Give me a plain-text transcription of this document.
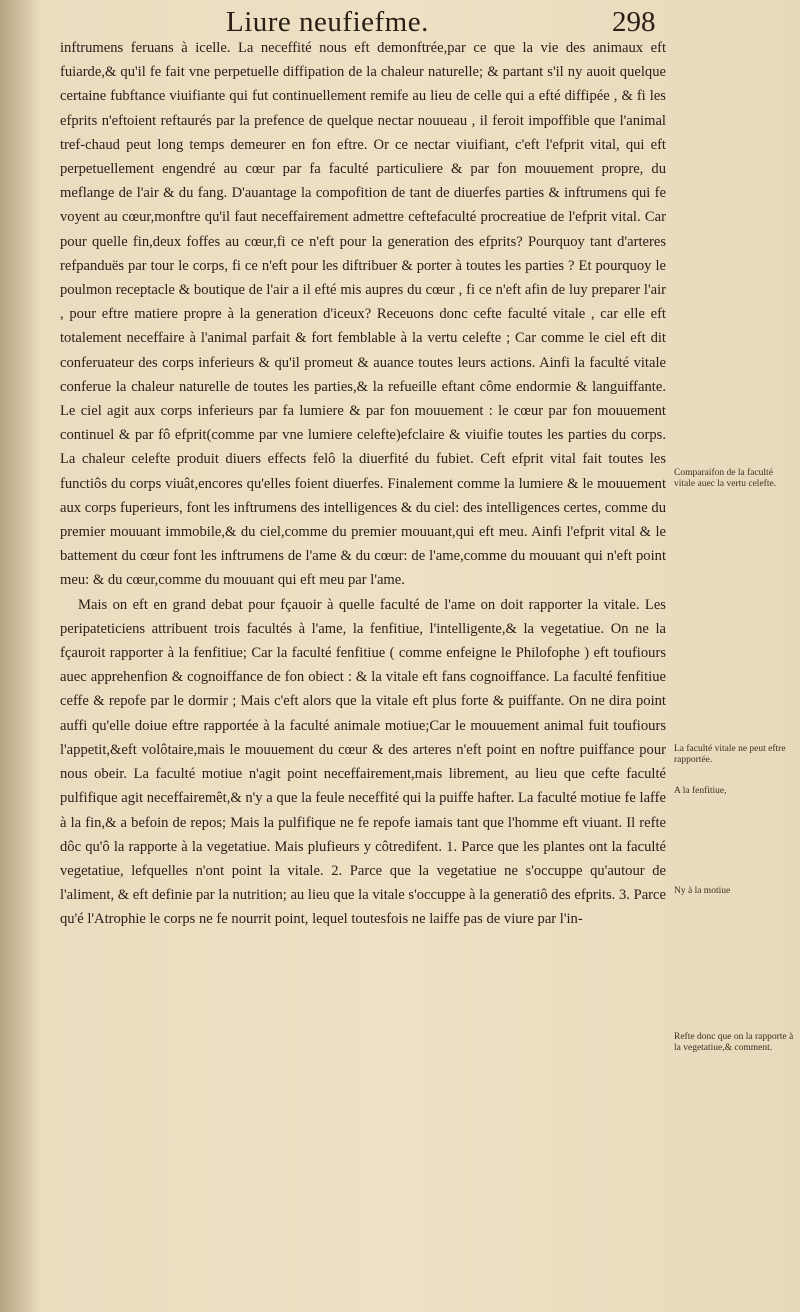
Liure neufiefme.	298

inftrumens feruans à icelle. La neceffité nous eft demonftrée,par ce que la vie des animaux eft fuiarde,& qu'il fe fait vne perpetuelle diffipation de la chaleur naturelle; & partant s'il ny auoit quelque certaine fubftance viuifiante qui fut continuellement remife au lieu de celle qui a efté diffipée , & fi les efprits n'eftoient reftaurés par la prefence de quelque nectar nouueau , il feroit impoffible que l'animal tref-chaud peut long temps demeurer en fon eftre. Or ce nectar viuifiant, c'eft l'efprit vital, qui eft perpetuellement engendré au cœur par fa faculté particuliere & par fon mouuement propre, du meflange de l'air & du fang. D'auantage la compofition de tant de diuerfes parties & inftrumens qui fe voyent au cœur,monftre qu'il faut neceffairement admettre ceftefaculté procreatiue de l'efprit vital. Car pour quelle fin,deux foffes au cœur,fi ce n'eft pour la generation des efprits? Pourquoy tant d'arteres refpanduës par tour le corps, fi ce n'eft pour les diftribuer & porter à toutes les parties ? Et pourquoy le poulmon receptacle & boutique de l'air a il efté mis aupres du cœur , fi ce n'eft afin de luy preparer l'air , pour eftre matiere propre à la generation d'iceux? Receuons donc cefte faculté vitale , car elle eft totalement neceffaire à l'animal parfait & fort femblable à la vertu celefte ; Car comme le ciel eft dit conferuateur des corps inferieurs & qu'il promeut & auance toutes leurs actions. Ainfi la faculté vitale conferue la chaleur naturelle de toutes les parties,& la refueille eftant côme endormie & languiffante. Le ciel agit aux corps inferieurs par fa lumiere & par fon mouuement : le cœur par fon mouuement continuel & par fô efprit(comme par vne lumiere celefte)efclaire & viuifie toutes les parties du corps. La chaleur celefte produit diuers effects felô la diuerfité du fubiet. Ceft efprit vital fait toutes les functiôs du corps viuât,encores qu'elles foient diuerfes. Finalement comme la lumiere & le mouuement aux corps fuperieurs, font les inftrumens des intelligences & du ciel: des intelligences certes, comme du premier mouuant immobile,& du ciel,comme du premier mouuant,qui eft meu. Ainfi l'efprit vital & le battement du cœur font les inftrumens de l'ame & du cœur: de l'ame,comme du mouuant qui n'eft point meu: & du cœur,comme du mouuant qui eft meu par l'ame.

Mais on eft en grand debat pour fçauoir à quelle faculté de l'ame on doit rapporter la vitale. Les peripateticiens attribuent trois facultés à l'ame, la fenfitiue, l'intelligente,& la vegetatiue. On ne la fçauroit rapporter à la fenfitiue; Car la faculté fenfitiue ( comme enfeigne le Philofophe ) eft toufiours auec apprehenfion & cognoiffance de fon obiect : & la vitale eft fans cognoiffance. La faculté fenfitiue ceffe & repofe par le dormir ; Mais c'eft alors que la vitale eft plus forte & puiffante. On ne dira point auffi qu'elle doiue eftre rapportée à la faculté animale motiue;Car le mouuement animal fuit toufiours l'appetit,&eft volôtaire,mais le mouuement du cœur & des arteres n'eft point en noftre puiffance pour nous obeir. La faculté motiue n'agit point neceffairement,mais librement, au lieu que cefte faculté pulfifique agit neceffairemêt,& n'y a que la feule neceffité qui la puiffe hafter. La faculté motiue fe laffe à la fin,& a befoin de repos; Mais la pulfifique ne fe repofe iamais tant que l'homme eft viuant. Il refte dôc qu'ô la rapporte à la vegetatiue. Mais plufieurs y côtredifent. 1. Parce que les plantes ont la faculté vegetatiue, lefquelles n'ont point la vitale. 2. Parce que la vegetatiue ne s'occuppe qu'autour de l'aliment, & eft definie par la nutrition; au lieu que la vitale s'occuppe à la generatiô des efprits. 3. Parce qu'é l'Atrophie le corps ne fe nourrit point, lequel toutesfois ne laiffe pas de viure par l'in-

Comparaifon de la faculté vitale auec la vertu celefte.
La faculté vitale ne peut eftre rapportée.
A la fenfitiue,
Ny à la motiue
Refte donc que on la rapporte à la vegetatiue,& comment.
